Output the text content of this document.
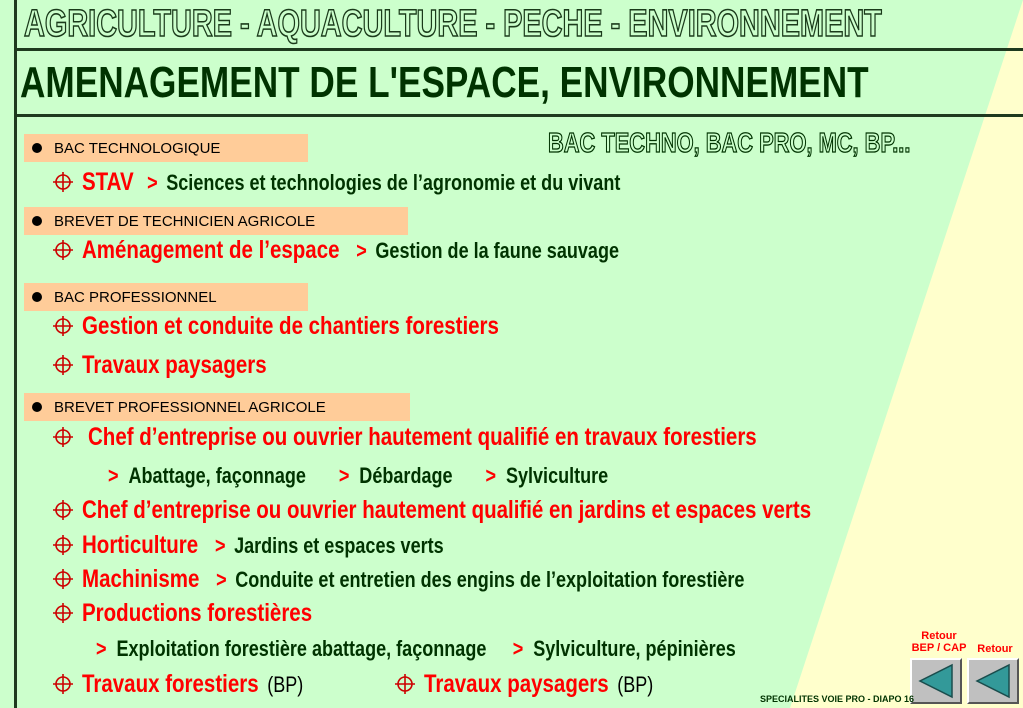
AGRICULTURE - AQUACULTURE - PECHE - ENVIRONNEMENT
AMENAGEMENT DE L'ESPACE, ENVIRONNEMENT
BAC TECHNO, BAC PRO, MC, BP...
BAC TECHNOLOGIQUE
STAV > Sciences et technologies de l’agronomie et du vivant
BREVET DE TECHNICIEN AGRICOLE
Aménagement de l’espace > Gestion de la faune sauvage
BAC PROFESSIONNEL
Gestion et conduite de chantiers forestiers
Travaux paysagers
BREVET PROFESSIONNEL AGRICOLE
Chef d’entreprise ou ouvrier hautement qualifié en travaux forestiers
> Abattage, façonnage > Débardage > Sylviculture
Chef d’entreprise ou ouvrier hautement qualifié en jardins et espaces verts
Horticulture > Jardins et espaces verts
Machinisme > Conduite et entretien des engins de l’exploitation forestière
Productions forestières
> Exploitation forestière abattage, façonnage > Sylviculture, pépinières
Travaux forestiers (BP)	Travaux paysagers (BP)
Retour BEP / CAP Retour
SPECIALITES VOIE PRO - DIAPO 16
